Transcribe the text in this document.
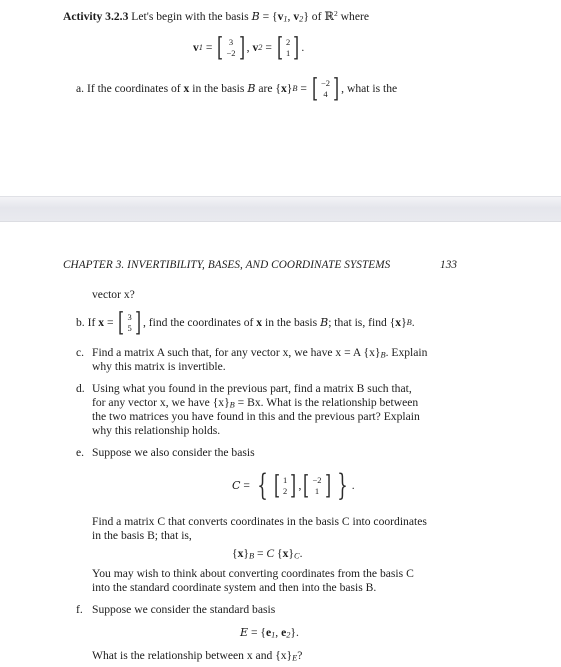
Activity 3.2.3 Let's begin with the basis B = {v1, v2} of ℝ$^2$ where
v 1 = [ 3
−2 ] , v 2 = [ 2
1 ] .
a.
If the coordinates of
x
in the basis
B
are { x } B = [ −2
4 ] , what is the
CHAPTER 3. INVERTIBILITY, BASES, AND COORDINATE SYSTEMS	133
vector x?
b.
If
x = [ 3
5 ] , find the coordinates of
x
in the basis
B ; that is, find { x } B .
c. Find a matrix A such that, for any vector x, we have x = A {x}B. Explain
why this matrix is invertible.
d. Using what you found in the previous part, find a matrix B such that,
for any vector x, we have {x}B = Bx. What is the relationship between
the two matrices you have found in this and the previous part? Explain
why this relationship holds.
e. Suppose we also consider the basis
C = { [ 1
2 ] , [ −2
1 ] } .
Find a matrix C that converts coordinates in the basis C into coordinates
in the basis B; that is,
{x}B = C {x}C.
You may wish to think about converting coordinates from the basis C
into the standard coordinate system and then into the basis B.
f. Suppose we consider the standard basis
E = {e1, e2}.
What is the relationship between x and {x}E?
